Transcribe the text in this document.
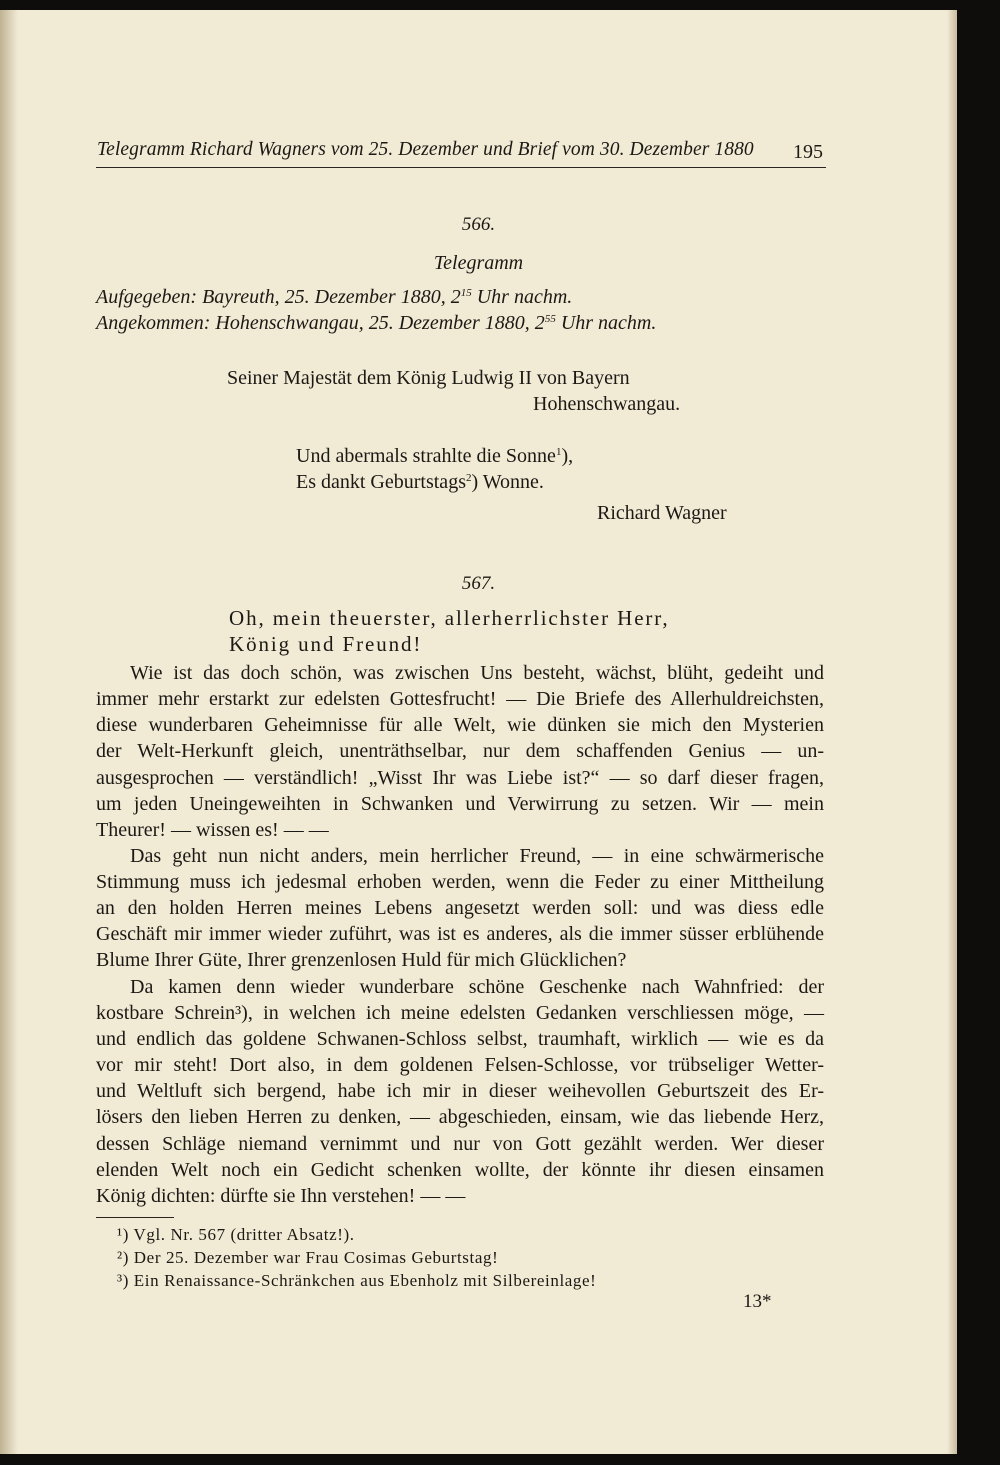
Telegramm Richard Wagners vom 25. Dezember und Brief vom 30. Dezember 1880 195

566.

Telegramm

Aufgegeben: Bayreuth, 25. Dezember 1880, $2^{15}$ Uhr nachm.

Angekommen: Hohenschwangau, 25. Dezember 1880, $2^{55}$ Uhr nachm.

Seiner Majestät dem König Ludwig II von Bayern

Hohenschwangau.

Und abermals strahlte die Sonne$^1$),

Es dankt Geburtstags$^2$) Wonne.

Richard Wagner

567.

Oh, mein theuerster, allerherrlichster Herr,

König und Freund!

Wie ist das doch schön, was zwischen Uns besteht, wächst, blüht, gedeiht und

immer mehr erstarkt zur edelsten Gottesfrucht! — Die Briefe des Allerhuldreichsten,

diese wunderbaren Geheimnisse für alle Welt, wie dünken sie mich den Mysterien

der Welt-Herkunft gleich, unenträthselbar, nur dem schaffenden Genius — un-

ausgesprochen — verständlich! „Wisst Ihr was Liebe ist?“ — so darf dieser fragen,

um jeden Uneingeweihten in Schwanken und Verwirrung zu setzen. Wir — mein

Theurer! — wissen es! — —

Das geht nun nicht anders, mein herrlicher Freund, — in eine schwärmerische

Stimmung muss ich jedesmal erhoben werden, wenn die Feder zu einer Mittheilung

an den holden Herren meines Lebens angesetzt werden soll: und was diess edle

Geschäft mir immer wieder zuführt, was ist es anderes, als die immer süsser erblühende

Blume Ihrer Güte, Ihrer grenzenlosen Huld für mich Glücklichen?

Da kamen denn wieder wunderbare schöne Geschenke nach Wahnfried: der

kostbare Schrein³), in welchen ich meine edelsten Gedanken verschliessen möge, —

und endlich das goldene Schwanen-Schloss selbst, traumhaft, wirklich — wie es da

vor mir steht! Dort also, in dem goldenen Felsen-Schlosse, vor trübseliger Wetter-

und Weltluft sich bergend, habe ich mir in dieser weihevollen Geburtszeit des Er-

lösers den lieben Herren zu denken, — abgeschieden, einsam, wie das liebende Herz,

dessen Schläge niemand vernimmt und nur von Gott gezählt werden. Wer dieser

elenden Welt noch ein Gedicht schenken wollte, der könnte ihr diesen einsamen

König dichten: dürfte sie Ihn verstehen! — —

¹) Vgl. Nr. 567 (dritter Absatz!).

²) Der 25. Dezember war Frau Cosimas Geburtstag!

³) Ein Renaissance-Schränkchen aus Ebenholz mit Silbereinlage!

13*
